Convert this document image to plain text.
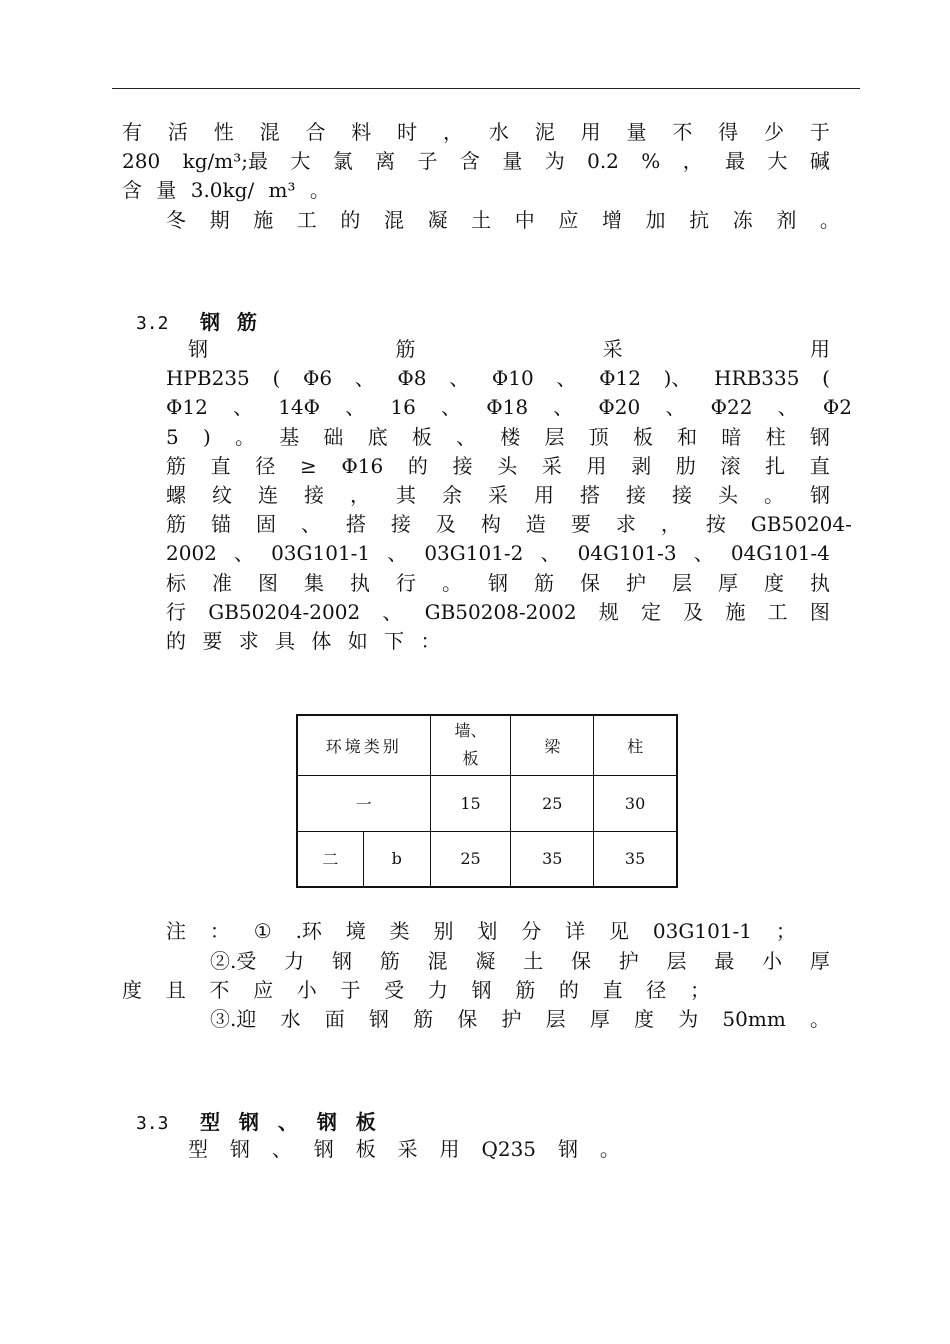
有 活 性 混 合 料 时 ， 水 泥 用 量 不 得 少 于
280 kg/m³;最 大 氯 离 子 含 量 为 0.2 % ， 最 大 碱
含 量 3.0kg/ m³ 。
冬 期 施 工 的 混 凝 土 中 应 增 加 抗 冻 剂 。

3.2 钢 筋

钢	筋	采	用
HPB235 ( Φ6 、 Φ8 、 Φ10 、 Φ12 )、 HRB335 (
Φ12 、 14Φ 、 16 、 Φ18 、 Φ20 、 Φ22 、 Φ2
5 ) 。 基 础 底 板 、 楼 层 顶 板 和 暗 柱 钢
筋 直 径 ≥ Φ16 的 接 头 采 用 剥 肋 滚 扎 直
螺 纹 连 接 ， 其 余 采 用 搭 接 接 头 。 钢
筋 锚 固 、 搭 接 及 构 造 要 求 ， 按 GB50204-
2002 、 03G101-1 、 03G101-2 、 04G101-3 、 04G101-4
标 准 图 集 执 行 。 钢 筋 保 护 层 厚 度 执
行 GB50204-2002 、 GB50208-2002 规 定 及 施 工 图
的 要 求 具 体 如 下 ：
环境类别		墙、板	梁	柱
一		15	25	30
二	b	25	35	35
注 ： ① .环 境 类 别 划 分 详 见 03G101-1 ；
②.受 力 钢 筋 混 凝 土 保 护 层 最 小 厚
度 且 不 应 小 于 受 力 钢 筋 的 直 径 ；
③.迎 水 面 钢 筋 保 护 层 厚 度 为 50mm 。

3.3 型 钢 、 钢 板

型 钢 、 钢 板 采 用 Q235 钢 。
